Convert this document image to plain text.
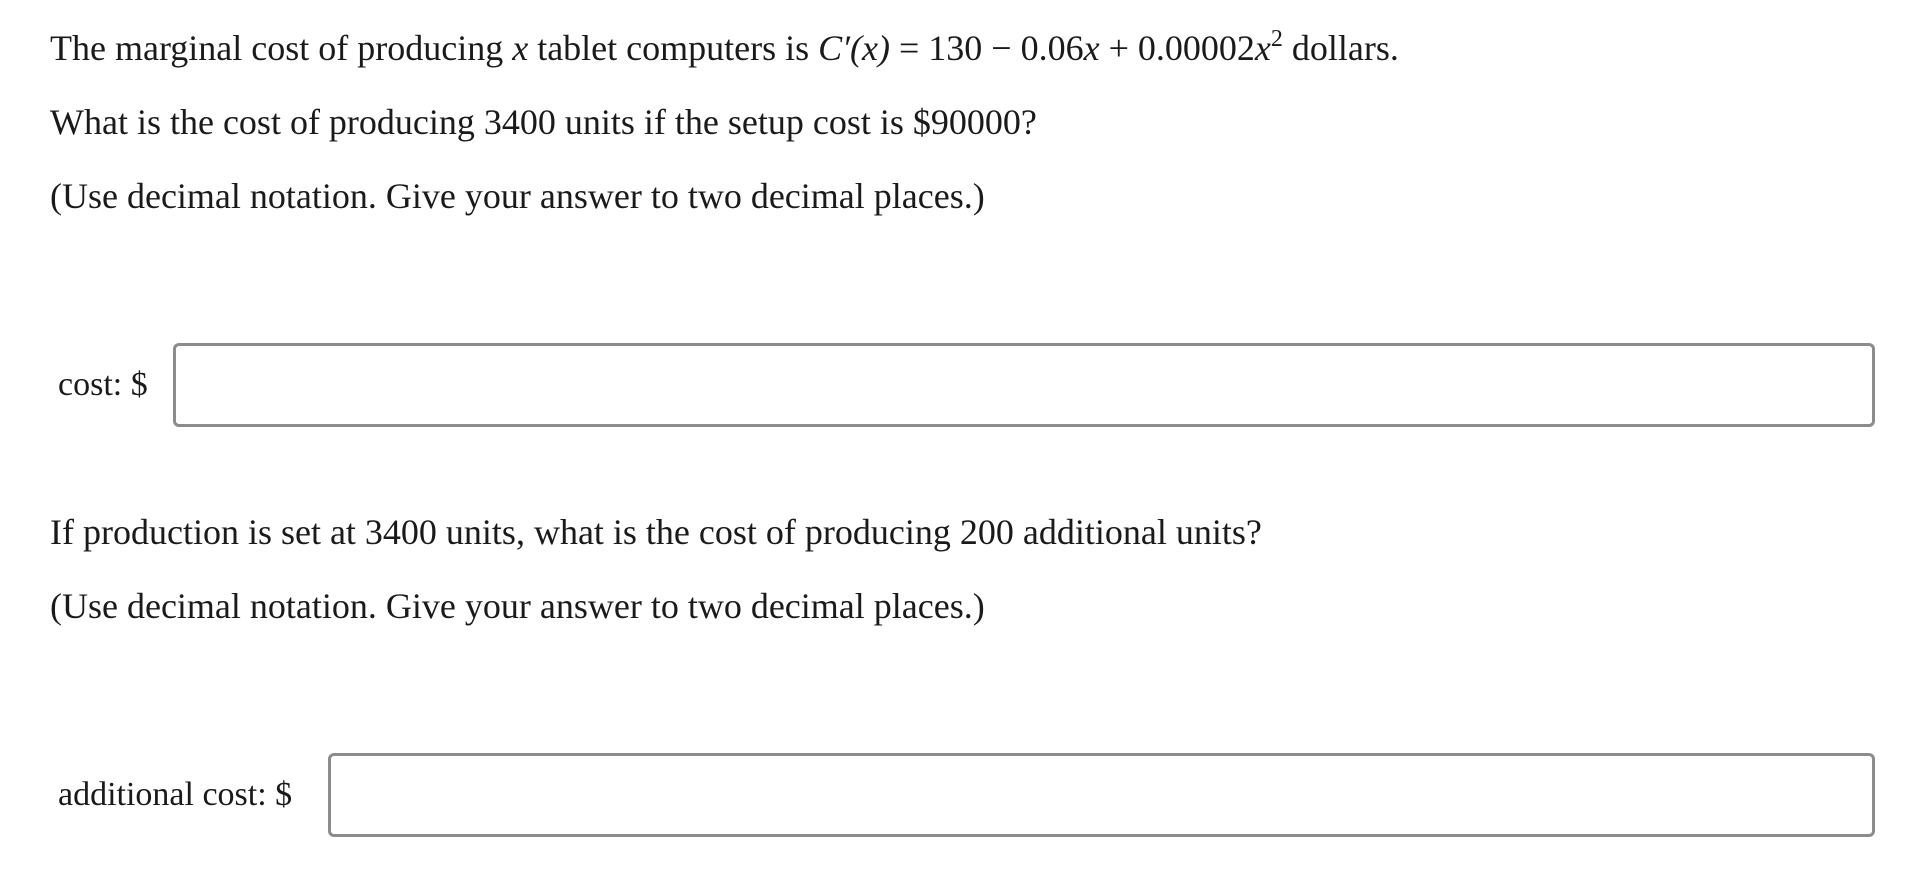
The marginal cost of producing x tablet computers is $C'(x) = 130 - 0.06x + 0.00002x^2$ dollars.
What is the cost of producing 3400 units if the setup cost is $90000?
(Use decimal notation. Give your answer to two decimal places.)
cost: $
If production is set at 3400 units, what is the cost of producing 200 additional units?
(Use decimal notation. Give your answer to two decimal places.)
additional cost: $
